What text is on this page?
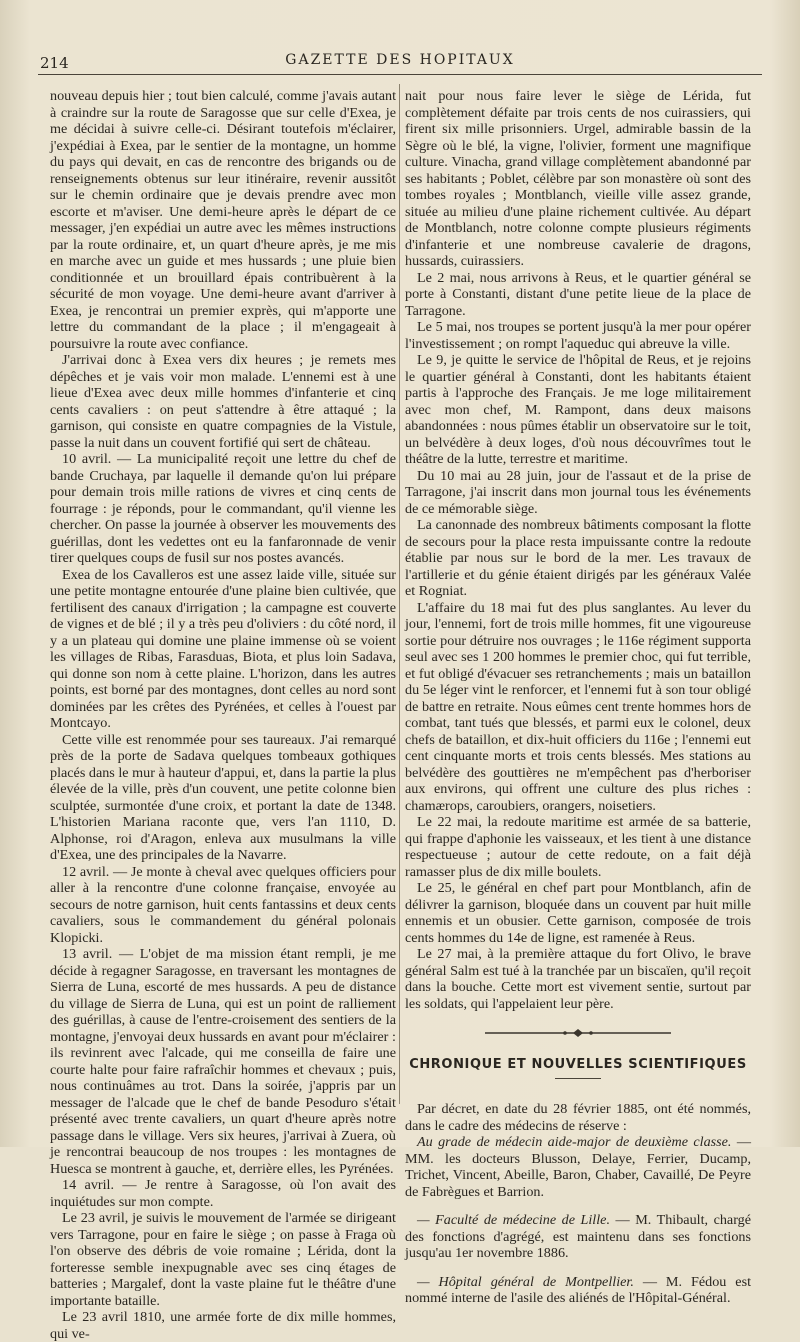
214	GAZETTE DES HOPITAUX

nouveau depuis hier ; tout bien calculé, comme j'avais autant à craindre sur la route de Saragosse que sur celle d'Exea, je me décidai à suivre celle-ci. Désirant toutefois m'éclairer, j'expédiai à Exea, par le sentier de la montagne, un homme du pays qui devait, en cas de rencontre des brigands ou de renseignements obtenus sur leur itinéraire, revenir aussitôt sur le chemin ordinaire que je devais prendre avec mon escorte et m'aviser. Une demi-heure après le départ de ce messager, j'en expédiai un autre avec les mêmes instructions par la route ordinaire, et, un quart d'heure après, je me mis en marche avec un guide et mes hussards ; une pluie bien conditionnée et un brouillard épais contribuèrent à la sécurité de mon voyage. Une demi-heure avant d'arriver à Exea, je rencontrai un premier exprès, qui m'apporte une lettre du commandant de la place ; il m'engageait à poursuivre la route avec confiance.

J'arrivai donc à Exea vers dix heures ; je remets mes dépêches et je vais voir mon malade. L'ennemi est à une lieue d'Exea avec deux mille hommes d'infanterie et cinq cents cavaliers : on peut s'attendre à être attaqué ; la garnison, qui consiste en quatre compagnies de la Vistule, passe la nuit dans un couvent fortifié qui sert de château.

10 avril. — La municipalité reçoit une lettre du chef de bande Cruchaya, par laquelle il demande qu'on lui prépare pour demain trois mille rations de vivres et cinq cents de fourrage : je réponds, pour le commandant, qu'il vienne les chercher. On passe la journée à observer les mouvements des guérillas, dont les vedettes ont eu la fanfaronnade de venir tirer quelques coups de fusil sur nos postes avancés.

Exea de los Cavalleros est une assez laide ville, située sur une petite montagne entourée d'une plaine bien cultivée, que fertilisent des canaux d'irrigation ; la campagne est couverte de vignes et de blé ; il y a très peu d'oliviers : du côté nord, il y a un plateau qui domine une plaine immense où se voient les villages de Ribas, Farasduas, Biota, et plus loin Sadava, qui donne son nom à cette plaine. L'horizon, dans les autres points, est borné par des montagnes, dont celles au nord sont dominées par les crêtes des Pyrénées, et celles à l'ouest par Montcayo.

Cette ville est renommée pour ses taureaux. J'ai remarqué près de la porte de Sadava quelques tombeaux gothiques placés dans le mur à hauteur d'appui, et, dans la partie la plus élevée de la ville, près d'un couvent, une petite colonne bien sculptée, surmontée d'une croix, et portant la date de 1348. L'historien Mariana raconte que, vers l'an 1110, D. Alphonse, roi d'Aragon, enleva aux musulmans la ville d'Exea, une des principales de la Navarre.

12 avril. — Je monte à cheval avec quelques officiers pour aller à la rencontre d'une colonne française, envoyée au secours de notre garnison, huit cents fantassins et deux cents cavaliers, sous le commandement du général polonais Klopicki.

13 avril. — L'objet de ma mission étant rempli, je me décide à regagner Saragosse, en traversant les montagnes de Sierra de Luna, escorté de mes hussards. A peu de distance du village de Sierra de Luna, qui est un point de ralliement des guérillas, à cause de l'entre-croisement des sentiers de la montagne, j'envoyai deux hussards en avant pour m'éclairer : ils revinrent avec l'alcade, qui me conseilla de faire une courte halte pour faire rafraîchir hommes et chevaux ; puis, nous continuâmes au trot. Dans la soirée, j'appris par un messager de l'alcade que le chef de bande Pesoduro s'était présenté avec trente cavaliers, un quart d'heure après notre passage dans le village. Vers six heures, j'arrivai à Zuera, où je rencontrai beaucoup de nos troupes : les montagnes de Huesca se montrent à gauche, et, derrière elles, les Pyrénées.

14 avril. — Je rentre à Saragosse, où l'on avait des inquiétudes sur mon compte.

Le 23 avril, je suivis le mouvement de l'armée se dirigeant vers Tarragone, pour en faire le siège ; on passe à Fraga où l'on observe des débris de voie romaine ; Lérida, dont la forteresse semble inexpugnable avec ses cinq étages de batteries ; Margalef, dont la vaste plaine fut le théâtre d'une importante bataille.

Le 23 avril 1810, une armée forte de dix mille hommes, qui ve-

nait pour nous faire lever le siège de Lérida, fut complètement défaite par trois cents de nos cuirassiers, qui firent six mille prisonniers. Urgel, admirable bassin de la Sègre où le blé, la vigne, l'olivier, forment une magnifique culture. Vinacha, grand village complètement abandonné par ses habitants ; Poblet, célèbre par son monastère où sont des tombes royales ; Montblanch, vieille ville assez grande, située au milieu d'une plaine richement cultivée. Au départ de Montblanch, notre colonne compte plusieurs régiments d'infanterie et une nombreuse cavalerie de dragons, hussards, cuirassiers.

Le 2 mai, nous arrivons à Reus, et le quartier général se porte à Constanti, distant d'une petite lieue de la place de Tarragone.

Le 5 mai, nos troupes se portent jusqu'à la mer pour opérer l'investissement ; on rompt l'aqueduc qui abreuve la ville.

Le 9, je quitte le service de l'hôpital de Reus, et je rejoins le quartier général à Constanti, dont les habitants étaient partis à l'approche des Français. Je me loge militairement avec mon chef, M. Rampont, dans deux maisons abandonnées : nous pûmes établir un observatoire sur le toit, un belvédère à deux loges, d'où nous découvrîmes tout le théâtre de la lutte, terrestre et maritime.

Du 10 mai au 28 juin, jour de l'assaut et de la prise de Tarragone, j'ai inscrit dans mon journal tous les événements de ce mémorable siège.

La canonnade des nombreux bâtiments composant la flotte de secours pour la place resta impuissante contre la redoute établie par nous sur le bord de la mer. Les travaux de l'artillerie et du génie étaient dirigés par les généraux Valée et Rogniat.

L'affaire du 18 mai fut des plus sanglantes. Au lever du jour, l'ennemi, fort de trois mille hommes, fit une vigoureuse sortie pour détruire nos ouvrages ; le 116e régiment supporta seul avec ses 1 200 hommes le premier choc, qui fut terrible, et fut obligé d'évacuer ses retranchements ; mais un bataillon du 5e léger vint le renforcer, et l'ennemi fut à son tour obligé de battre en retraite. Nous eûmes cent trente hommes hors de combat, tant tués que blessés, et parmi eux le colonel, deux chefs de bataillon, et dix-huit officiers du 116e ; l'ennemi eut cent cinquante morts et trois cents blessés. Mes stations au belvédère des gouttières ne m'empêchent pas d'herboriser aux environs, qui offrent une culture des plus riches : chamærops, caroubiers, orangers, noisetiers.

Le 22 mai, la redoute maritime est armée de sa batterie, qui frappe d'aphonie les vaisseaux, et les tient à une distance respectueuse ; autour de cette redoute, on a fait déjà ramasser plus de dix mille boulets.

Le 25, le général en chef part pour Montblanch, afin de délivrer la garnison, bloquée dans un couvent par huit mille ennemis et un obusier. Cette garnison, composée de trois cents hommes du 14e de ligne, est ramenée à Reus.

Le 27 mai, à la première attaque du fort Olivo, le brave général Salm est tué à la tranchée par un biscaïen, qu'il reçoit dans la bouche. Cette mort est vivement sentie, surtout par les soldats, qui l'appelaient leur père.

CHRONIQUE ET NOUVELLES SCIENTIFIQUES

Par décret, en date du 28 février 1885, ont été nommés, dans le cadre des médecins de réserve :

Au grade de médecin aide-major de deuxième classe. — MM. les docteurs Blusson, Delaye, Ferrier, Ducamp, Trichet, Vincent, Abeille, Baron, Chaber, Cavaillé, De Peyre de Fabrègues et Barrion.

— Faculté de médecine de Lille. — M. Thibault, chargé des fonctions d'agrégé, est maintenu dans ses fonctions jusqu'au 1er novembre 1886.

— Hôpital général de Montpellier. — M. Fédou est nommé interne de l'asile des aliénés de l'Hôpital-Général.
